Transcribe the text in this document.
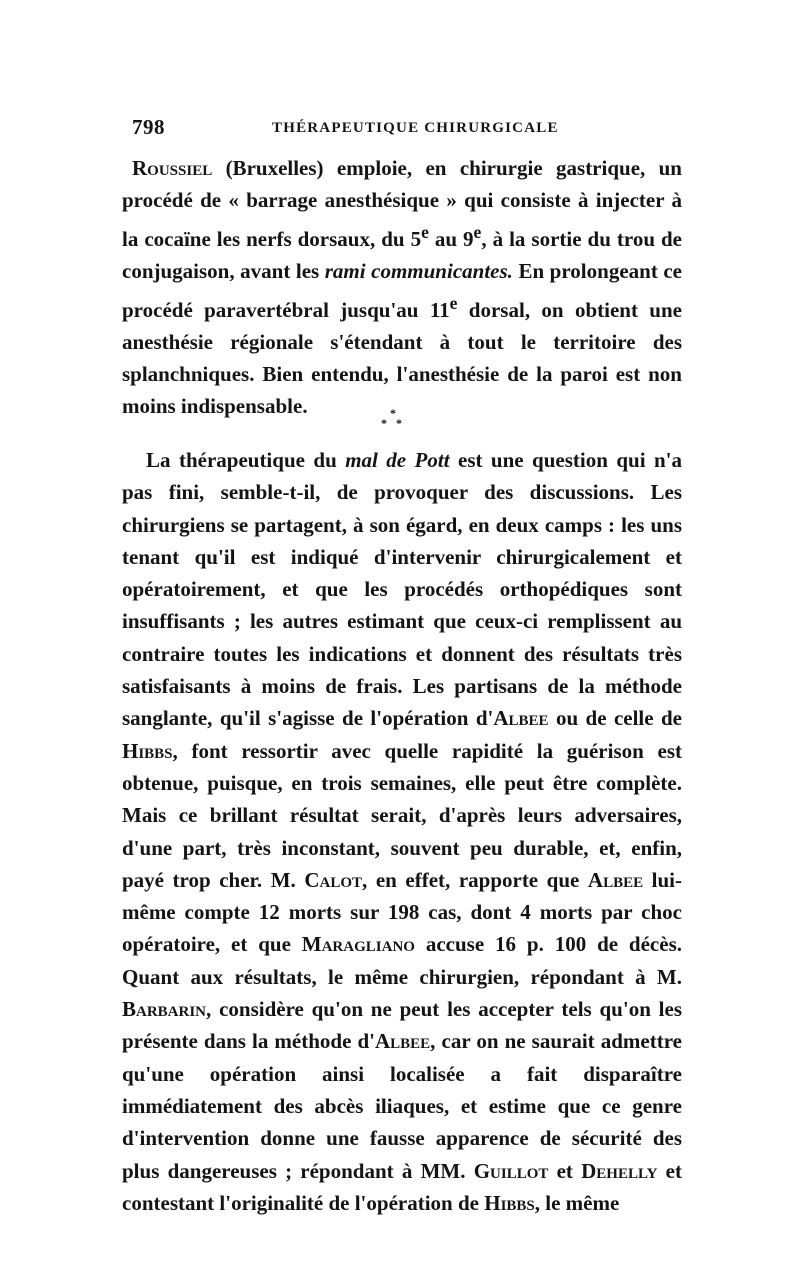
798	THÉRAPEUTIQUE CHIRURGICALE

Roussiel (Bruxelles) emploie, en chirurgie gastrique, un procédé de « barrage anesthésique » qui consiste à injecter à la cocaïne les nerfs dorsaux, du 5e au 9e, à la sortie du trou de conjugaison, avant les rami communicantes. En prolongeant ce procédé paravertébral jusqu'au 11e dorsal, on obtient une anesthésie régionale s'étendant à tout le territoire des splanchniques. Bien entendu, l'anesthésie de la paroi est non moins indispensable.	*
* *

La thérapeutique du mal de Pott est une question qui n'a pas fini, semble-t-il, de provoquer des discussions. Les chirurgiens se partagent, à son égard, en deux camps : les uns tenant qu'il est indiqué d'intervenir chirurgicalement et opératoirement, et que les procédés orthopédiques sont insuffisants ; les autres estimant que ceux-ci remplissent au contraire toutes les indications et donnent des résultats très satisfaisants à moins de frais. Les partisans de la méthode sanglante, qu'il s'agisse de l'opération d'Albee ou de celle de Hibbs, font ressortir avec quelle rapidité la guérison est obtenue, puisque, en trois semaines, elle peut être complète. Mais ce brillant résultat serait, d'après leurs adversaires, d'une part, très inconstant, souvent peu durable, et, enfin, payé trop cher. M. Calot, en effet, rapporte que Albee lui-même compte 12 morts sur 198 cas, dont 4 morts par choc opératoire, et que Maragliano accuse 16 p. 100 de décès. Quant aux résultats, le même chirurgien, répondant à M. Barbarin, considère qu'on ne peut les accepter tels qu'on les présente dans la méthode d'Albee, car on ne saurait admettre qu'une opération ainsi localisée a fait disparaître immédiatement des abcès iliaques, et estime que ce genre d'intervention donne une fausse apparence de sécurité des plus dangereuses ; répondant à MM. Guillot et Dehelly et contestant l'originalité de l'opération de Hibbs, le même
